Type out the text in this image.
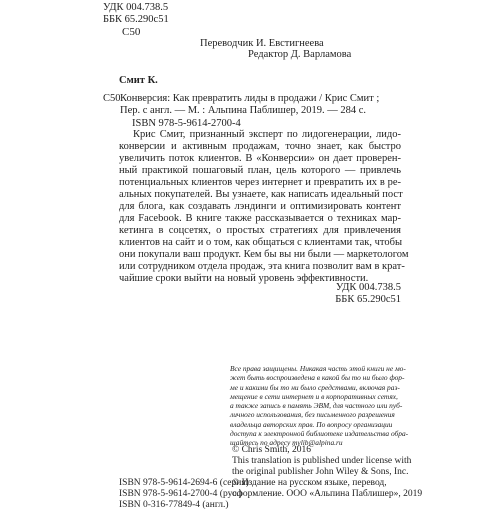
УДК 004.738.5
ББК 65.290с51
С50
Переводчик И. Евстигнеева
Редактор Д. Варламова
Смит К.
С50 Конверсия: Как превратить лиды в продажи / Крис Смит ;
Пер. с англ. — М. : Альпина Паблишер, 2019. — 284 с.
ISBN 978-5-9614-2700-4
Крис Смит, признанный эксперт по лидогенерации, лидо-
конверсии и активным продажам, точно знает, как быстро
увеличить поток клиентов. В «Конверсии» он дает проверен-
ный практикой пошаговый план, цель которого — привлечь
потенциальных клиентов через интернет и превратить их в ре-
альных покупателей. Вы узнаете, как написать идеальный пост
для блога, как создавать лэндинги и оптимизировать контент
для Facebook. В книге также рассказывается о техниках мар-
кетинга в соцсетях, о простых стратегиях для привлечения
клиентов на сайт и о том, как общаться с клиентами так, чтобы
они покупали ваш продукт. Кем бы вы ни были — маркетологом
или сотрудником отдела продаж, эта книга позволит вам в крат-
чайшие сроки выйти на новый уровень эффективности.
УДК 004.738.5
ББК 65.290с51
Все права защищены. Никакая часть этой книги не мо-
жет быть воспроизведена в какой бы то ни было фор-
ме и какими бы то ни было средствами, включая раз-
мещение в сети интернет и в корпоративных сетях,
а также запись в память ЭВМ, для частного или пуб-
личного использования, без письменного разрешения
владельца авторских прав. По вопросу организации
доступа к электронной библиотеке издательства обра-
щайтесь по адресу mylib@alpina.ru
ISBN 978-5-9614-2694-6 (серия)
ISBN 978-5-9614-2700-4 (рус.)
ISBN 0-316-77849-4 (англ.)
© Chris Smith, 2016
This translation is published under license with
the original publisher John Wiley & Sons, Inc.
© Издание на русском языке, перевод,
оформление. ООО «Альпина Паблишер», 2019
